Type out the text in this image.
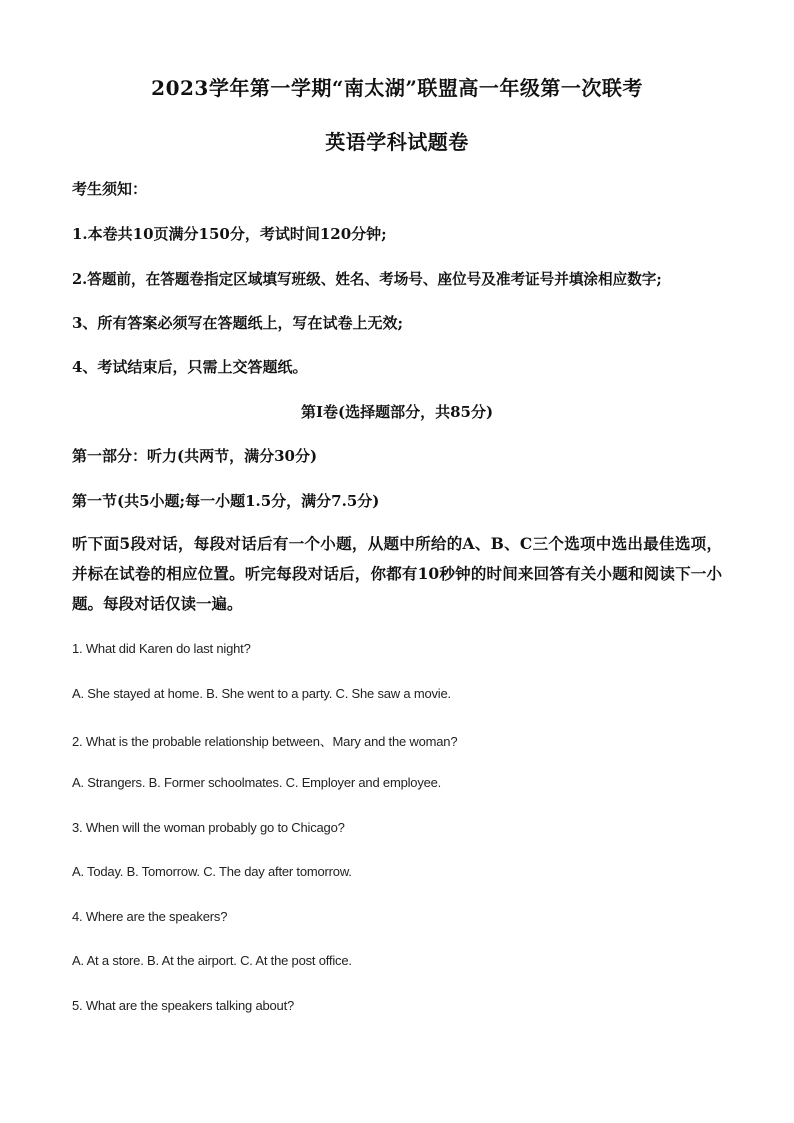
2023学年第一学期“南太湖”联盟高一年级第一次联考
英语学科试题卷
考生须知：
1.本卷共10页满分150分，考试时间120分钟;
2.答题前，在答题卷指定区域填写班级、姓名、考场号、座位号及准考证号并填涂相应数字;
3、所有答案必须写在答题纸上，写在试卷上无效;
4、考试结束后，只需上交答题纸。
第Ⅰ卷(选择题部分，共85分)
第一部分：听力(共两节，满分30分)
第一节(共5小题;每一小题1.5分，满分7.5分)
听下面5段对话，每段对话后有一个小题，从题中所给的A、B、C三个选项中选出最佳选项，并标在试卷的相应位置。听完每段对话后，你都有10秒钟的时间来回答有关小题和阅读下一小题。每段对话仅读一遍。
1. What did Karen do last night?
A. She stayed at home. B. She went to a party. C. She saw a movie.
2. What is the probable relationship between、Mary and the woman?
A. Strangers. B. Former schoolmates. C. Employer and employee.
3. When will the woman probably go to Chicago?
A. Today. B. Tomorrow. C. The day after tomorrow.
4. Where are the speakers?
A. At a store. B. At the airport. C. At the post office.
5. What are the speakers talking about?
